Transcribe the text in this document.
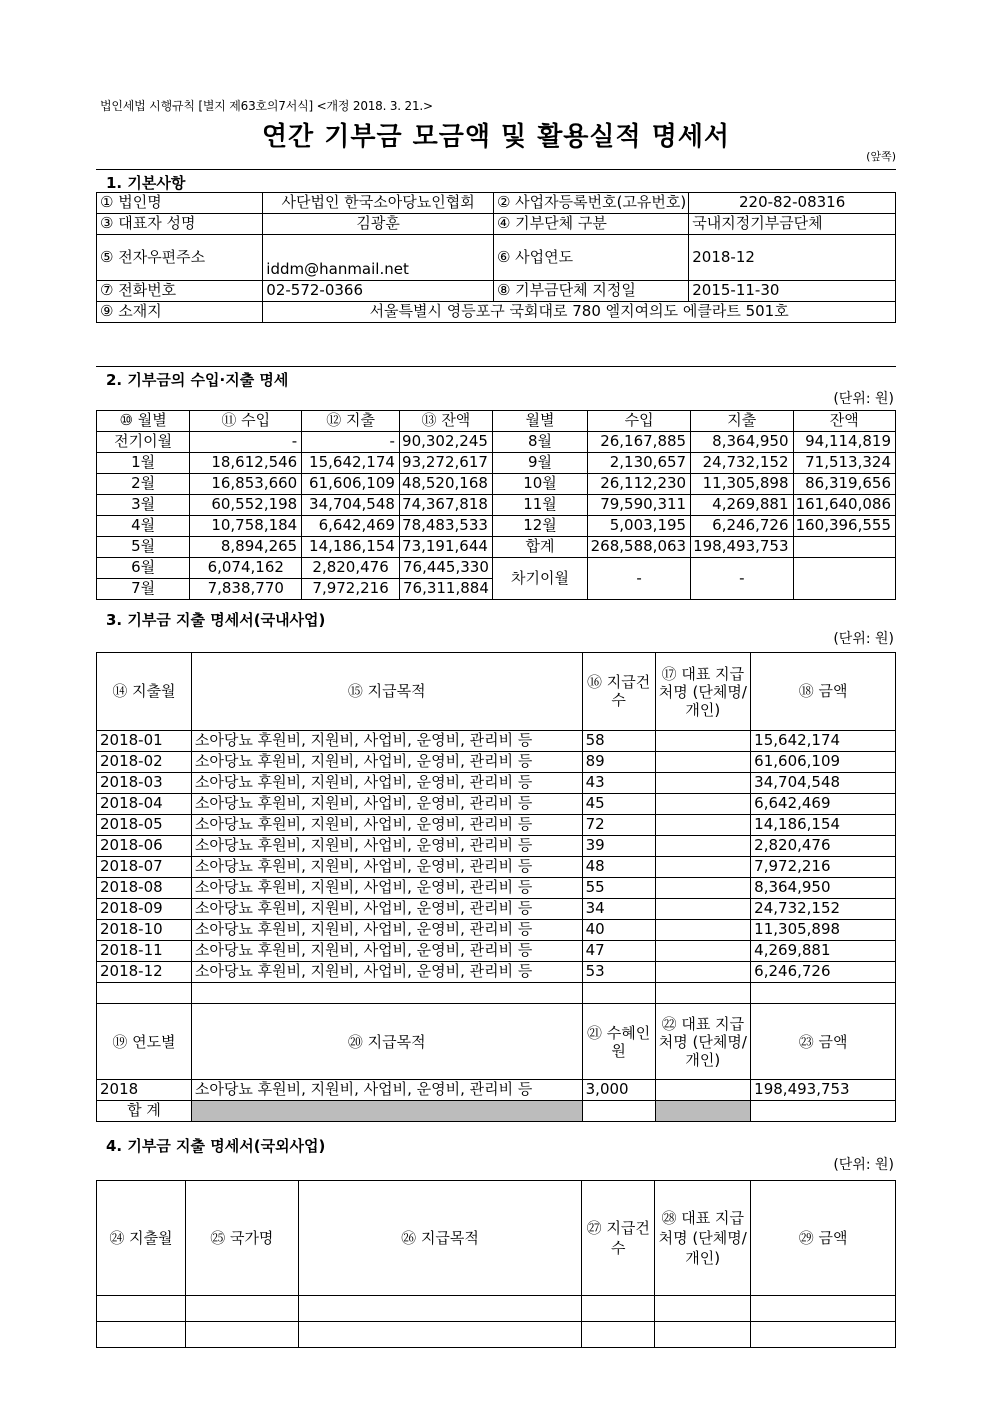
법인세법 시행규칙 [별지 제63호의7서식] <개정 2018. 3. 21.>
연간 기부금 모금액 및 활용실적 명세서
(앞쪽)
1. 기본사항
① 법인명	사단법인 한국소아당뇨인협회	② 사업자등록번호(고유번호)	220-82-08316
③ 대표자 성명	김광훈	④ 기부단체 구분	국내지정기부금단체
⑤ 전자우편주소	iddm@hanmail.net	⑥ 사업연도	2018-12
⑦ 전화번호	02-572-0366	⑧ 기부금단체 지정일	2015-11-30
⑨ 소재지	서울특별시 영등포구 국회대로 780 엘지여의도 에클라트 501호		
2. 기부금의 수입·지출 명세
(단위: 원)
⑩ 월별	⑪ 수입	⑫ 지출	⑬ 잔액	월별	수입	지출	잔액
전기이월	-	-	90,302,245	8월	26,167,885	8,364,950	94,114,819
1월	18,612,546	15,642,174	93,272,617	9월	2,130,657	24,732,152	71,513,324
2월	16,853,660	61,606,109	48,520,168	10월	26,112,230	11,305,898	86,319,656
3월	60,552,198	34,704,548	74,367,818	11월	79,590,311	4,269,881	161,640,086
4월	10,758,184	6,642,469	78,483,533	12월	5,003,195	6,246,726	160,396,555
5월	8,894,265	14,186,154	73,191,644	합계	268,588,063	198,493,753	
6월	6,074,162	2,820,476	76,445,330	차기이월	-	-	
7월	7,838,770	7,972,216	76,311,884				
3. 기부금 지출 명세서(국내사업)
(단위: 원)
⑭ 지출월	⑮ 지급목적	⑯ 지급건수	⑰ 대표 지급처명 (단체명/ 개인)	⑱ 금액
2018-01	소아당뇨 후원비, 지원비, 사업비, 운영비, 관리비 등	58		15,642,174
2018-02	소아당뇨 후원비, 지원비, 사업비, 운영비, 관리비 등	89		61,606,109
2018-03	소아당뇨 후원비, 지원비, 사업비, 운영비, 관리비 등	43		34,704,548
2018-04	소아당뇨 후원비, 지원비, 사업비, 운영비, 관리비 등	45		6,642,469
2018-05	소아당뇨 후원비, 지원비, 사업비, 운영비, 관리비 등	72		14,186,154
2018-06	소아당뇨 후원비, 지원비, 사업비, 운영비, 관리비 등	39		2,820,476
2018-07	소아당뇨 후원비, 지원비, 사업비, 운영비, 관리비 등	48		7,972,216
2018-08	소아당뇨 후원비, 지원비, 사업비, 운영비, 관리비 등	55		8,364,950
2018-09	소아당뇨 후원비, 지원비, 사업비, 운영비, 관리비 등	34		24,732,152
2018-10	소아당뇨 후원비, 지원비, 사업비, 운영비, 관리비 등	40		11,305,898
2018-11	소아당뇨 후원비, 지원비, 사업비, 운영비, 관리비 등	47		4,269,881
2018-12	소아당뇨 후원비, 지원비, 사업비, 운영비, 관리비 등	53		6,246,726

⑲ 연도별	⑳ 지급목적	㉑ 수혜인원	㉒ 대표 지급처명 (단체명/ 개인)	㉓ 금액
2018	소아당뇨 후원비, 지원비, 사업비, 운영비, 관리비 등	3,000		198,493,753
합 계				
4. 기부금 지출 명세서(국외사업)
(단위: 원)
㉔ 지출월	㉕ 국가명	㉖ 지급목적	㉗ 지급건수	㉘ 대표 지급처명 (단체명/ 개인)	㉙ 금액
